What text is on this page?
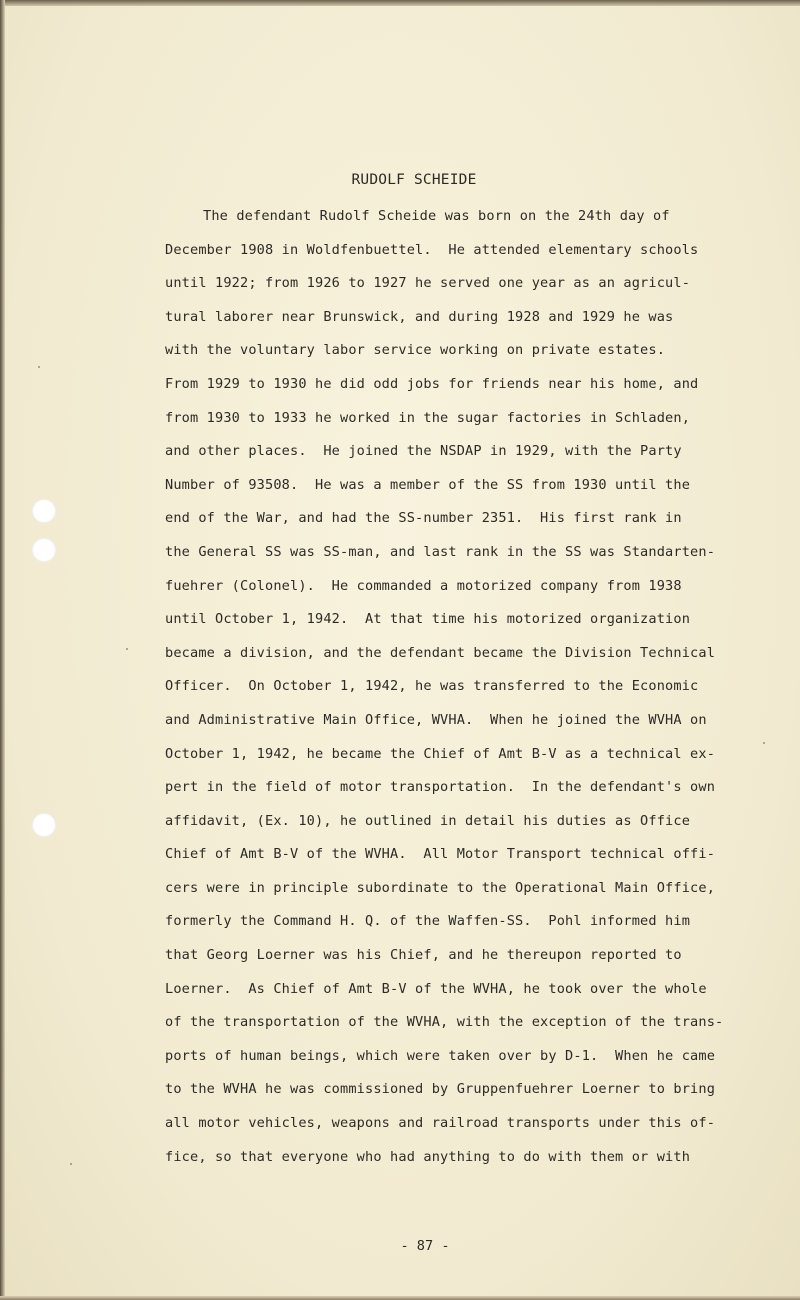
RUDOLF SCHEIDE
The defendant Rudolf Scheide was born on the 24th day of
December 1908 in Woldfenbuettel.  He attended elementary schools
until 1922; from 1926 to 1927 he served one year as an agricul-
tural laborer near Brunswick, and during 1928 and 1929 he was
with the voluntary labor service working on private estates.
From 1929 to 1930 he did odd jobs for friends near his home, and
from 1930 to 1933 he worked in the sugar factories in Schladen,
and other places.  He joined the NSDAP in 1929, with the Party
Number of 93508.  He was a member of the SS from 1930 until the
end of the War, and had the SS-number 2351.  His first rank in
the General SS was SS-man, and last rank in the SS was Standarten-
fuehrer (Colonel).  He commanded a motorized company from 1938
until October 1, 1942.  At that time his motorized organization
became a division, and the defendant became the Division Technical
Officer.  On October 1, 1942, he was transferred to the Economic
and Administrative Main Office, WVHA.  When he joined the WVHA on
October 1, 1942, he became the Chief of Amt B-V as a technical ex-
pert in the field of motor transportation.  In the defendant's own
affidavit, (Ex. 10), he outlined in detail his duties as Office
Chief of Amt B-V of the WVHA.  All Motor Transport technical offi-
cers were in principle subordinate to the Operational Main Office,
formerly the Command H. Q. of the Waffen-SS.  Pohl informed him
that Georg Loerner was his Chief, and he thereupon reported to
Loerner.  As Chief of Amt B-V of the WVHA, he took over the whole
of the transportation of the WVHA, with the exception of the trans-
ports of human beings, which were taken over by D-1.  When he came
to the WVHA he was commissioned by Gruppenfuehrer Loerner to bring
all motor vehicles, weapons and railroad transports under this of-
fice, so that everyone who had anything to do with them or with
- 87 -
